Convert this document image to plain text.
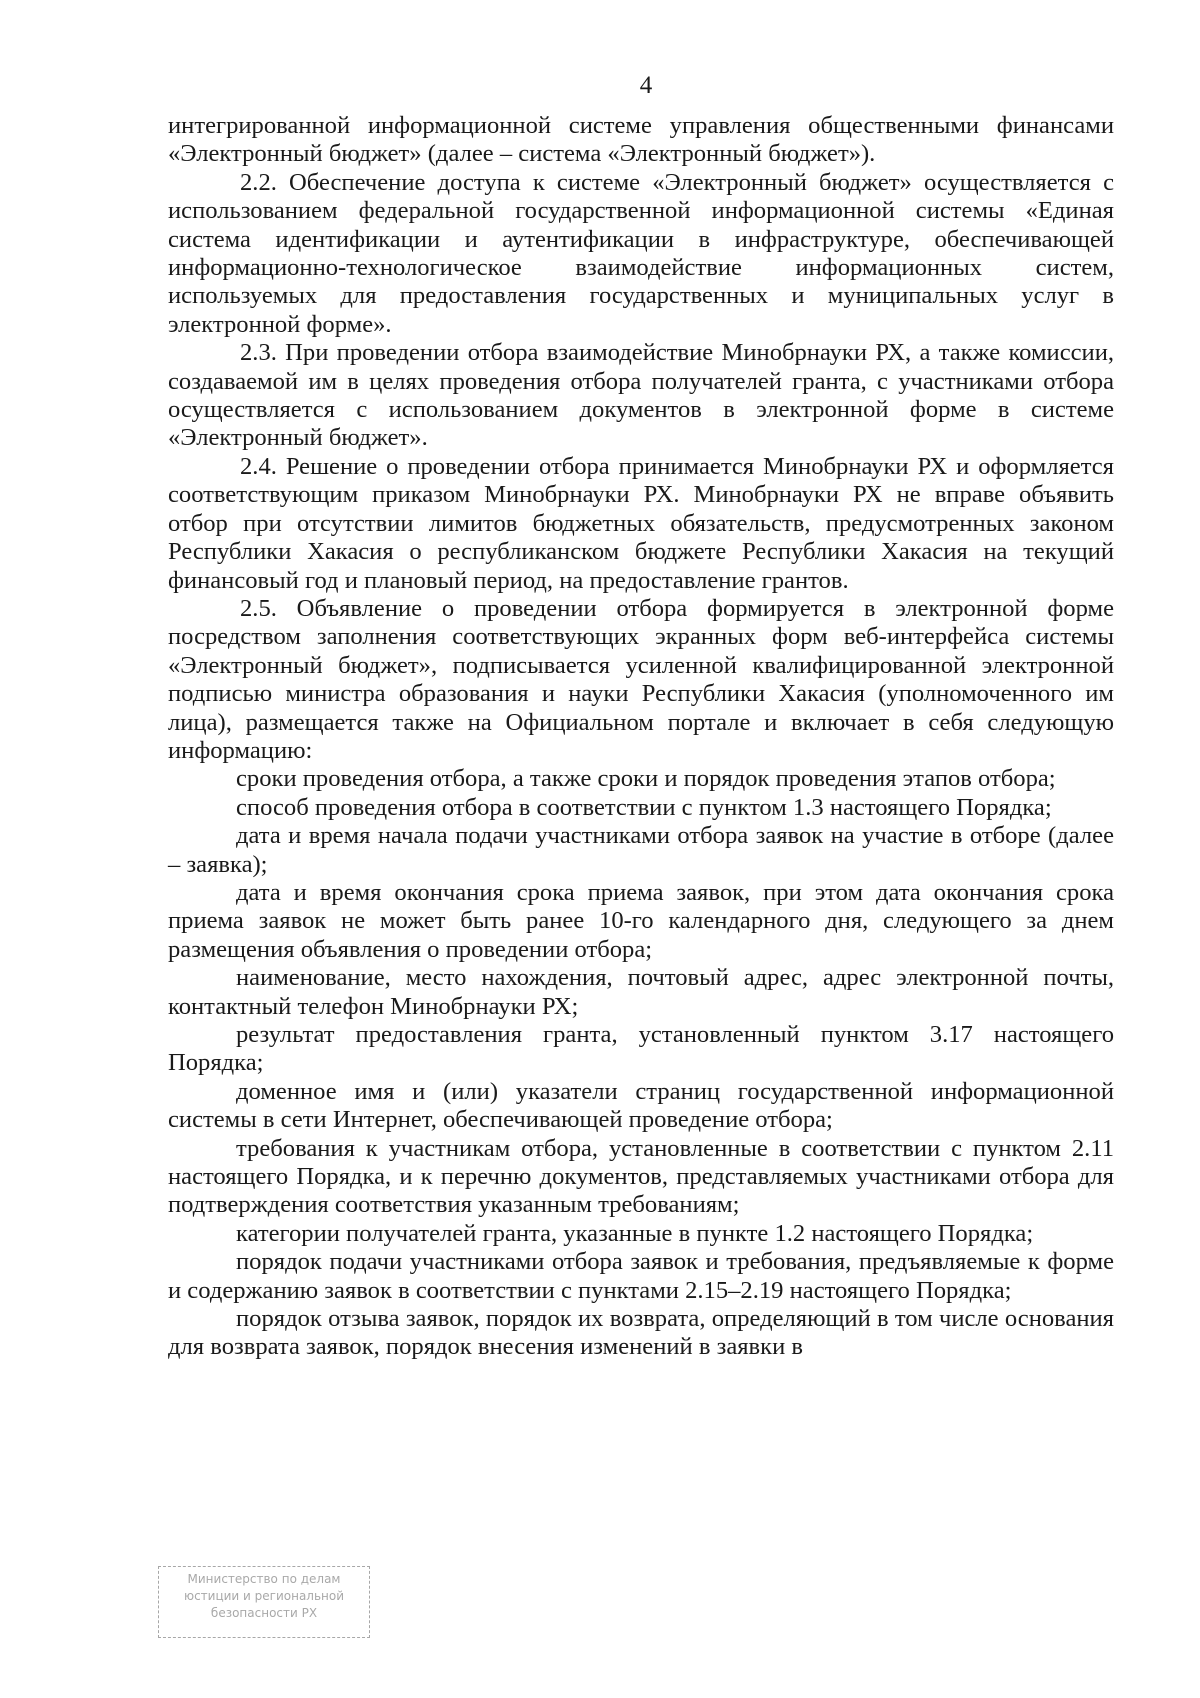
4

интегрированной информационной системе управления общественными финансами «Электронный бюджет» (далее – система «Электронный бюджет»).

2.2. Обеспечение доступа к системе «Электронный бюджет» осуществляется с использованием федеральной государственной информационной системы «Единая система идентификации и аутентификации в инфраструктуре, обеспечивающей информационно-технологическое взаимодействие информационных систем, используемых для предоставления государственных и муниципальных услуг в электронной форме».

2.3. При проведении отбора взаимодействие Минобрнауки РХ, а также комиссии, создаваемой им в целях проведения отбора получателей гранта, с участниками отбора осуществляется с использованием документов в электронной форме в системе «Электронный бюджет».

2.4. Решение о проведении отбора принимается Минобрнауки РХ и оформляется соответствующим приказом Минобрнауки РХ. Минобрнауки РХ не вправе объявить отбор при отсутствии лимитов бюджетных обязательств, предусмотренных законом Республики Хакасия о республиканском бюджете Республики Хакасия на текущий финансовый год и плановый период, на предоставление грантов.

2.5. Объявление о проведении отбора формируется в электронной форме посредством заполнения соответствующих экранных форм веб-интерфейса системы «Электронный бюджет», подписывается усиленной квалифицированной электронной подписью министра образования и науки Республики Хакасия (уполномоченного им лица), размещается также на Официальном портале и включает в себя следующую информацию:

сроки проведения отбора, а также сроки и порядок проведения этапов отбора;

способ проведения отбора в соответствии с пунктом 1.3 настоящего Порядка;

дата и время начала подачи участниками отбора заявок на участие в отборе (далее – заявка);

дата и время окончания срока приема заявок, при этом дата окончания срока приема заявок не может быть ранее 10-го календарного дня, следующего за днем размещения объявления о проведении отбора;

наименование, место нахождения, почтовый адрес, адрес электронной почты, контактный телефон Минобрнауки РХ;

результат предоставления гранта, установленный пунктом 3.17 настоящего Порядка;

доменное имя и (или) указатели страниц государственной информационной системы в сети Интернет, обеспечивающей проведение отбора;

требования к участникам отбора, установленные в соответствии с пунктом 2.11 настоящего Порядка, и к перечню документов, представляемых участниками отбора для подтверждения соответствия указанным требованиям;

категории получателей гранта, указанные в пункте 1.2 настоящего Порядка;

порядок подачи участниками отбора заявок и требования, предъявляемые к форме и содержанию заявок в соответствии с пунктами 2.15–2.19 настоящего Порядка;

порядок отзыва заявок, порядок их возврата, определяющий в том числе основания для возврата заявок, порядок внесения изменений в заявки в

Министерство по делам
юстиции и региональной
безопасности РХ
